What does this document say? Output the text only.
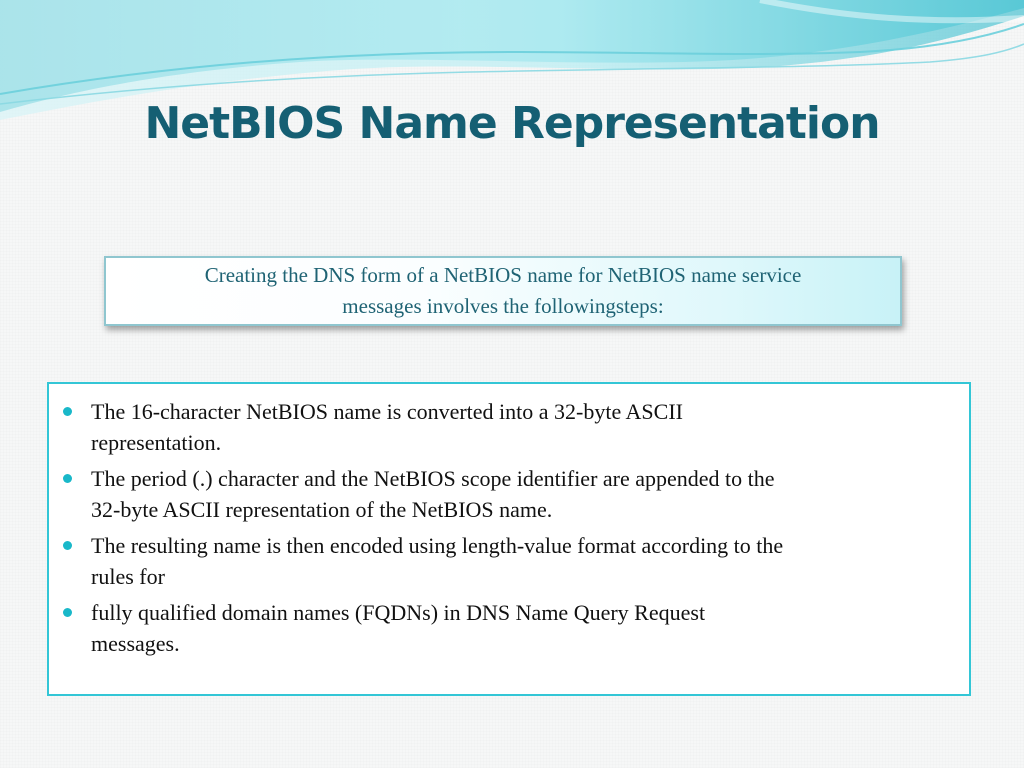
NetBIOS Name Representation
Creating the DNS form of a NetBIOS name for NetBIOS name service
messages involves the followingsteps:
The 16-character NetBIOS name is converted into a 32-byte ASCII
representation.
The period (.) character and the NetBIOS scope identifier are appended to the
32-byte ASCII representation of the NetBIOS name.
The resulting name is then encoded using length-value format according to the
rules for
fully qualified domain names (FQDNs) in DNS Name Query Request
messages.
